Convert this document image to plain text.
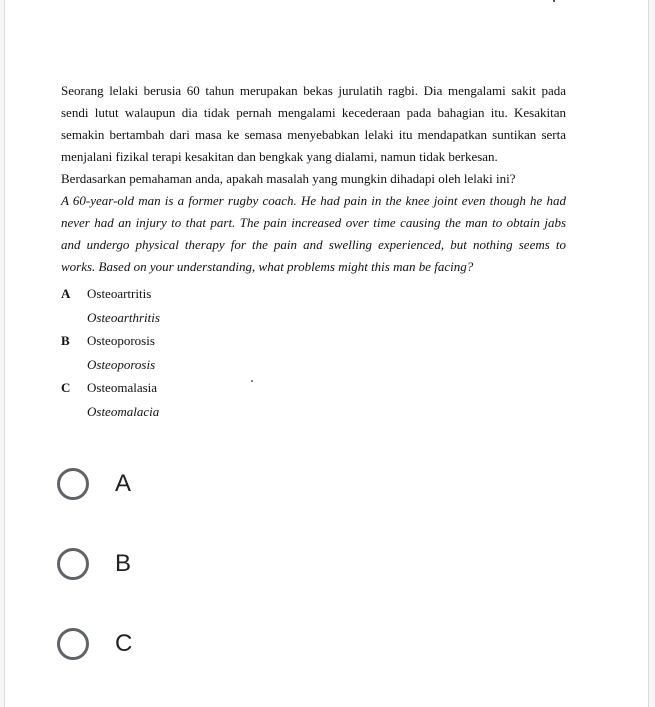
Seorang lelaki berusia 60 tahun merupakan bekas jurulatih ragbi. Dia mengalami sakit pada
sendi lutut walaupun dia tidak pernah mengalami kecederaan pada bahagian itu. Kesakitan
semakin bertambah dari masa ke semasa menyebabkan lelaki itu mendapatkan suntikan serta
menjalani fizikal terapi kesakitan dan bengkak yang dialami, namun tidak berkesan.
Berdasarkan pemahaman anda, apakah masalah yang mungkin dihadapi oleh lelaki ini?
A 60-year-old man is a former rugby coach. He had pain in the knee joint even though he had
never had an injury to that part. The pain increased over time causing the man to obtain jabs
and undergo physical therapy for the pain and swelling experienced, but nothing seems to
works. Based on your understanding, what problems might this man be facing?
A	Osteoartritis
Osteoarthritis
B	Osteoporosis
Osteoporosis
C	Osteomalasia
Osteomalacia
A
B
C
